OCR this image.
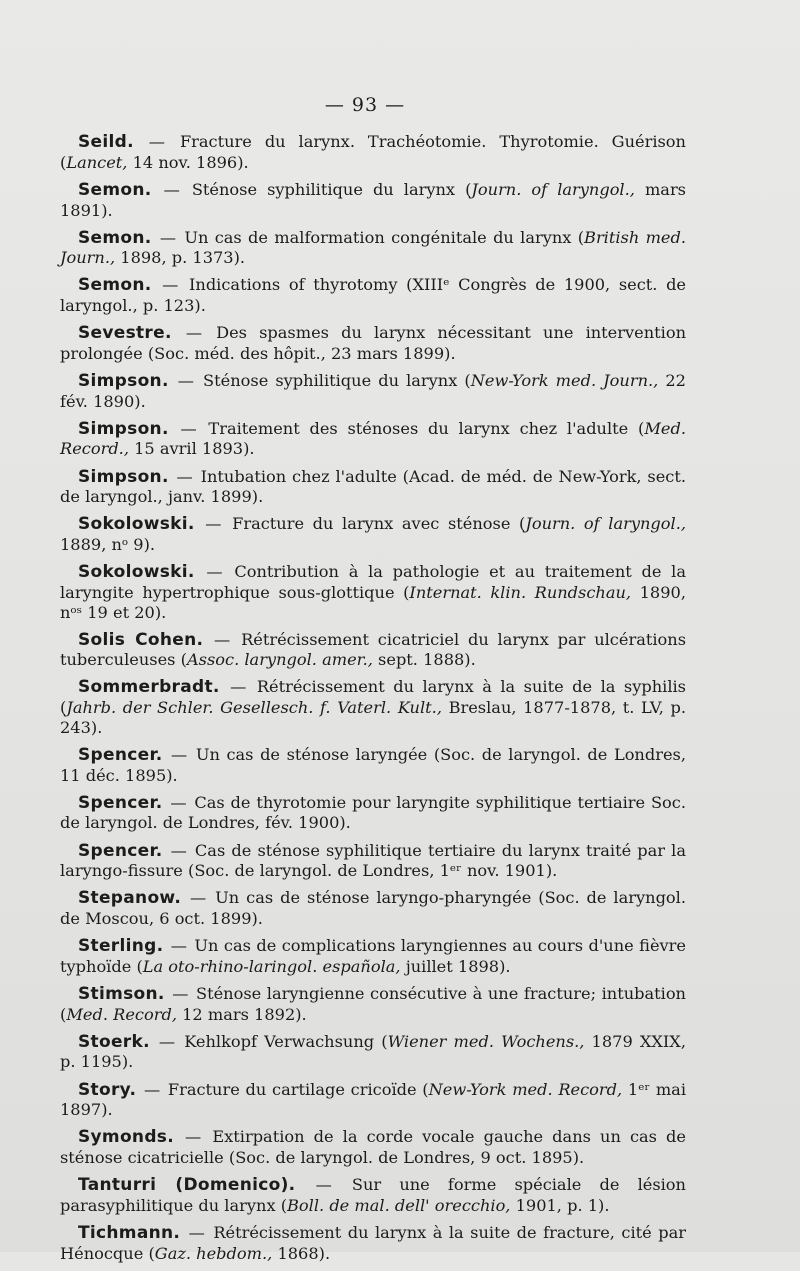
— 93 —

Seild. — Fracture du larynx. Trachéotomie. Thyrotomie. Guérison (Lancet, 14 nov. 1896).

Semon. — Sténose syphilitique du larynx (Journ. of laryngol., mars 1891).

Semon. — Un cas de malformation congénitale du larynx (British med. Journ., 1898, p. 1373).

Semon. — Indications of thyrotomy (XIIIᵉ Congrès de 1900, sect. de laryngol., p. 123).

Sevestre. — Des spasmes du larynx nécessitant une intervention prolongée (Soc. méd. des hôpit., 23 mars 1899).

Simpson. — Sténose syphilitique du larynx (New-York med. Journ., 22 fév. 1890).

Simpson. — Traitement des sténoses du larynx chez l'adulte (Med. Record., 15 avril 1893).

Simpson. — Intubation chez l'adulte (Acad. de méd. de New-York, sect. de laryngol., janv. 1899).

Sokolowski. — Fracture du larynx avec sténose (Journ. of laryngol., 1889, nᵒ 9).

Sokolowski. — Contribution à la pathologie et au traitement de la laryngite hypertrophique sous-glottique (Internat. klin. Rundschau, 1890, nᵒˢ 19 et 20).

Solis Cohen. — Rétrécissement cicatriciel du larynx par ulcérations tuberculeuses (Assoc. laryngol. amer., sept. 1888).

Sommerbradt. — Rétrécissement du larynx à la suite de la syphilis (Jahrb. der Schler. Gesellesch. f. Vaterl. Kult., Breslau, 1877-1878, t. LV, p. 243).

Spencer. — Un cas de sténose laryngée (Soc. de laryngol. de Londres, 11 déc. 1895).

Spencer. — Cas de thyrotomie pour laryngite syphilitique tertiaire Soc. de laryngol. de Londres, fév. 1900).

Spencer. — Cas de sténose syphilitique tertiaire du larynx traité par la laryngo-fissure (Soc. de laryngol. de Londres, 1ᵉʳ nov. 1901).

Stepanow. — Un cas de sténose laryngo-pharyngée (Soc. de laryngol. de Moscou, 6 oct. 1899).

Sterling. — Un cas de complications laryngiennes au cours d'une fièvre typhoïde (La oto-rhino-laringol. española, juillet 1898).

Stimson. — Sténose laryngienne consécutive à une fracture; intubation (Med. Record, 12 mars 1892).

Stoerk. — Kehlkopf Verwachsung (Wiener med. Wochens., 1879 XXIX, p. 1195).

Story. — Fracture du cartilage cricoïde (New-York med. Record, 1ᵉʳ mai 1897).

Symonds. — Extirpation de la corde vocale gauche dans un cas de sténose cicatricielle (Soc. de laryngol. de Londres, 9 oct. 1895).

Tanturri (Domenico). — Sur une forme spéciale de lésion parasyphilitique du larynx (Boll. de mal. dell' orecchio, 1901, p. 1).

Tichmann. — Rétrécissement du larynx à la suite de fracture, cité par Hénocque (Gaz. hebdom., 1868).
